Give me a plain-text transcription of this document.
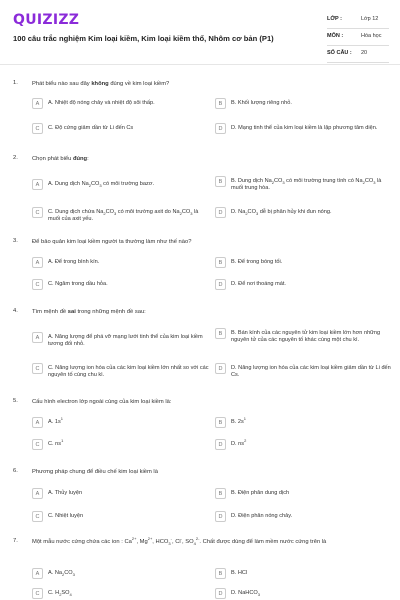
QUIZIZZ
100 câu trắc nghiệm Kim loại kiềm, Kim loại kiềm thổ, Nhôm cơ bản (P1)
LỚP :	Lớp 12
MÔN :	Hóa học
SỐ CÂU : 20
1. Phát biểu nào sau đây không đúng về kim loại kiềm?
A	A. Nhiệt độ nóng chảy và nhiệt độ sôi thấp.	B	B. Khối lượng riêng nhỏ.
C	C. Độ cứng giảm dần từ Li đến Cs	D	D. Mạng tinh thể của kim loại kiềm là lập phương tâm diện.
2. Chọn phát biểu đúng:
A	A. Dung dịch $Na_2CO_3$ có môi trường bazơ.	B	B. Dung dịch $Na_2CO_3$ có môi trường trung tính có $Na_2CO_3$ là muối trung hòa.
C	C. Dung dịch chứa $Na_2CO_3$ có môi trường axit do $Na_2CO_3$ là muối của axit yếu.
D	D. $Na_2CO_3$ dễ bị phân hủy khi đun nóng.
3. Để bảo quản kim loại kiềm người ta thường làm như thế nào?
A	A. Để trong bình kín.	B	B. Để trong bóng tối.
C	C. Ngâm trong dầu hỏa.	D	D. Để nơi thoáng mát.
4. Tìm mệnh đề sai trong những mệnh đề sau:
A	A. Năng lượng để phá vỡ mạng lưới tinh thể của kim loại kiềm tương đối nhỏ.
B	B. Bán kính của các nguyên tử kim loại kiềm lớn hơn những nguyên tử của các nguyên tố khác cùng một chu kì.
C	C. Năng lượng ion hóa của các kim loại kiềm lớn nhất so với các nguyên tố cùng chu kì.
D	D. Năng lượng ion hóa của các kim loại kiềm giảm dần từ Li đến Cs.
5. Cấu hình electron lớp ngoài cùng của kim loại kiềm là:
A	A. $1s^1$
B	B. $2s^1$
C	C. $ns^1$
D	D. $ns^2$
6. Phương pháp chung để điều chế kim loại kiềm là
A	A. Thủy luyện	B	B. Điện phân dung dịch
C	C. Nhiệt luyện	D	D. Điện phân nóng chảy.
7. Một mẫu nước cứng chứa các ion : $Ca^{2+}$, $Mg^{2+}$, $HCO_3^-$, Cl-, $SO_4^{2-}$. Chất được dùng để làm mềm nước cứng trên là
A	A. $Na_2CO_3$	B	B. HCl
C	C. $H_2SO_4$	D	D. NaHCO$_3$
